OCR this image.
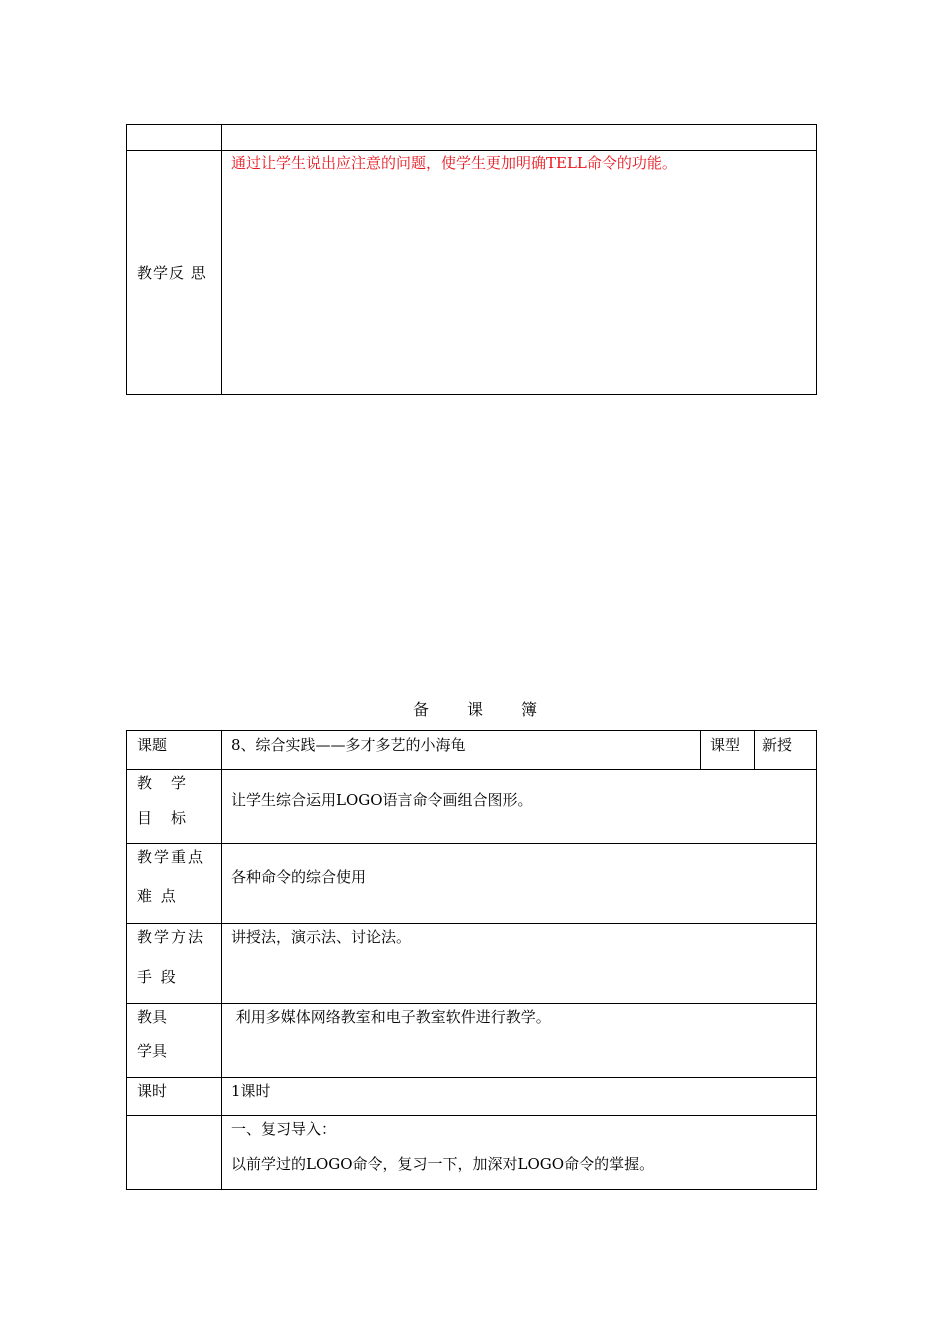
教学反 思	通过让学生说出应注意的问题，使学生更加明确TELL命令的功能。
备 课 簿
课题	8、综合实践——多才多艺的小海龟	课型	新授

教　学
目　标	让学生综合运用LOGO语言命令画组合图形。		

教学重点
难 点	各种命令的综合使用		

教学方法
手 段	讲授法，演示法、讨论法。		

教具
学具	利用多媒体网络教室和电子教室软件进行教学。		

课时	1课时		

	一、复习导入：
以前学过的LOGO命令，复习一下，加深对LOGO命令的掌握。		
